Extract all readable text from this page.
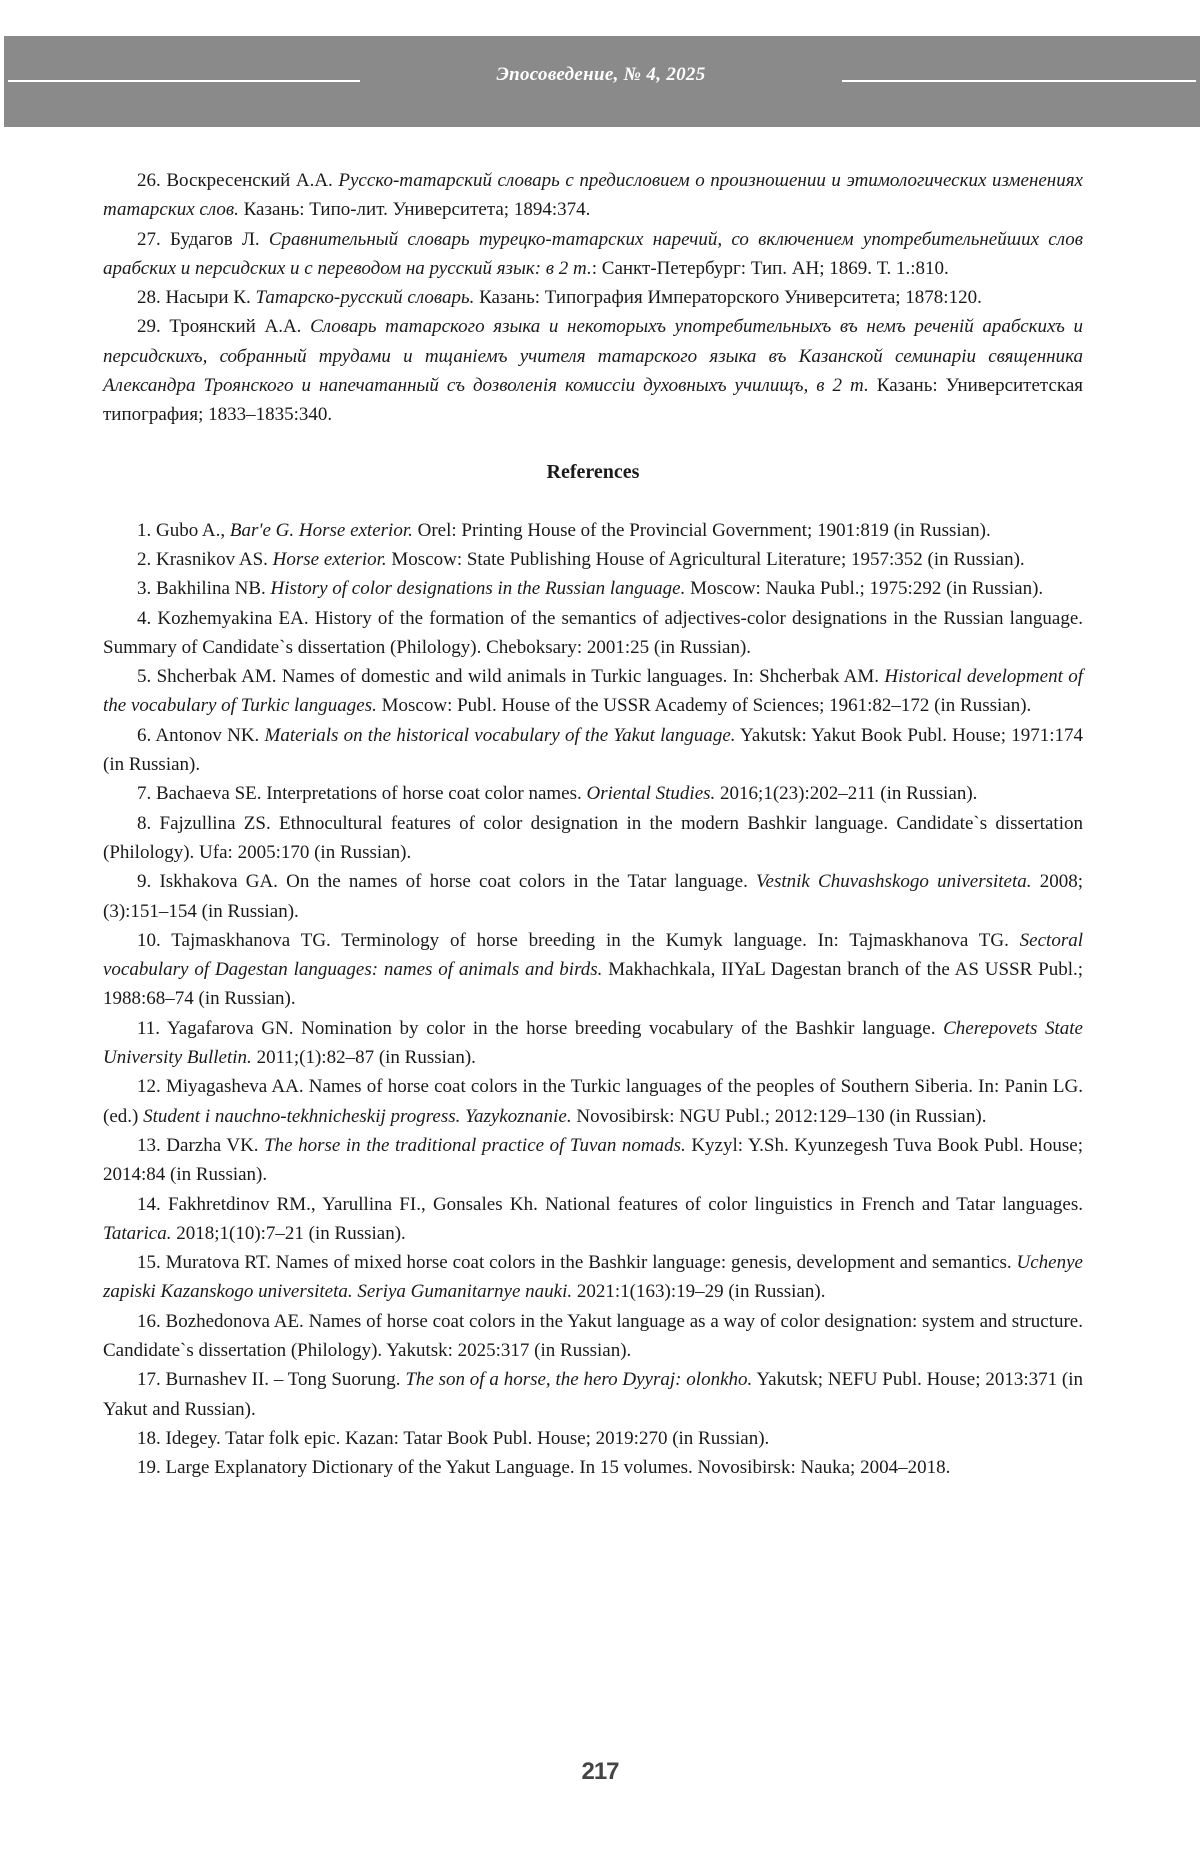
Эпосоведение, № 4, 2025

26. Воскресенский А.А. Русско-татарский словарь с предисловием о произношении и этимологических изменениях татарских слов. Казань: Типо-лит. Университета; 1894:374.

27. Будагов Л. Сравнительный словарь турецко-татарских наречий, со включением употребительнейших слов арабских и персидских и с переводом на русский язык: в 2 т.: Санкт-Петербург: Тип. АН; 1869. Т. 1.:810.

28. Насыри К. Татарско-русский словарь. Казань: Типография Императорского Университета; 1878:120.

29. Троянский А.А. Словарь татарского языка и некоторыхъ употребительныхъ въ немъ реченiй арабскихъ и персидскихъ, собранный трудами и тщанiемъ учителя татарского языка въ Казанской семинарiи священника Александра Троянского и напечатанный съ дозволенiя комиссiи духовныхъ училищъ, в 2 т. Казань: Университетская типография; 1833–1835:340.

References

1. Gubo A., Bar'e G. Horse exterior. Orel: Printing House of the Provincial Government; 1901:819 (in Russian).

2. Krasnikov AS. Horse exterior. Moscow: State Publishing House of Agricultural Literature; 1957:352 (in Russian).

3. Bakhilina NB. History of color designations in the Russian language. Moscow: Nauka Publ.; 1975:292 (in Russian).

4. Kozhemyakina EA. History of the formation of the semantics of adjectives-color designations in the Russian language. Summary of Candidate`s dissertation (Philology). Cheboksary: 2001:25 (in Russian).

5. Shcherbak AM. Names of domestic and wild animals in Turkic languages. In: Shcherbak AM. Historical development of the vocabulary of Turkic languages. Moscow: Publ. House of the USSR Academy of Sciences; 1961:82–172 (in Russian).

6. Antonov NK. Materials on the historical vocabulary of the Yakut language. Yakutsk: Yakut Book Publ. House; 1971:174 (in Russian).

7. Bachaeva SE. Interpretations of horse coat color names. Oriental Studies. 2016;1(23):202–211 (in Russian).

8. Fajzullina ZS. Ethnocultural features of color designation in the modern Bashkir language. Candidate`s dissertation (Philology). Ufa: 2005:170 (in Russian).

9. Iskhakova GA. On the names of horse coat colors in the Tatar language. Vestnik Chuvashskogo universiteta. 2008;(3):151–154 (in Russian).

10. Tajmaskhanova TG. Terminology of horse breeding in the Kumyk language. In: Tajmaskhanova TG. Sectoral vocabulary of Dagestan languages: names of animals and birds. Makhachkala, IIYaL Dagestan branch of the AS USSR Publ.; 1988:68–74 (in Russian).

11. Yagafarova GN. Nomination by color in the horse breeding vocabulary of the Bashkir language. Cherepovets State University Bulletin. 2011;(1):82–87 (in Russian).

12. Miyagasheva AA. Names of horse coat colors in the Turkic languages of the peoples of Southern Siberia. In: Panin LG. (ed.) Student i nauchno-tekhnicheskij progress. Yazykoznanie. Novosibirsk: NGU Publ.; 2012:129–130 (in Russian).

13. Darzha VK. The horse in the traditional practice of Tuvan nomads. Kyzyl: Y.Sh. Kyunzegesh Tuva Book Publ. House; 2014:84 (in Russian).

14. Fakhretdinov RM., Yarullina FI., Gonsales Kh. National features of color linguistics in French and Tatar languages. Tatarica. 2018;1(10):7–21 (in Russian).

15. Muratova RT. Names of mixed horse coat colors in the Bashkir language: genesis, development and semantics. Uchenye zapiski Kazanskogo universiteta. Seriya Gumanitarnye nauki. 2021:1(163):19–29 (in Russian).

16. Bozhedonova AE. Names of horse coat colors in the Yakut language as a way of color designation: system and structure. Candidate`s dissertation (Philology). Yakutsk: 2025:317 (in Russian).

17. Burnashev II. – Tong Suorung. The son of a horse, the hero Dyyraj: olonkho. Yakutsk; NEFU Publ. House; 2013:371 (in Yakut and Russian).

18. Idegey. Tatar folk epic. Kazan: Tatar Book Publ. House; 2019:270 (in Russian).

19. Large Explanatory Dictionary of the Yakut Language. In 15 volumes. Novosibirsk: Nauka; 2004–2018.

217
